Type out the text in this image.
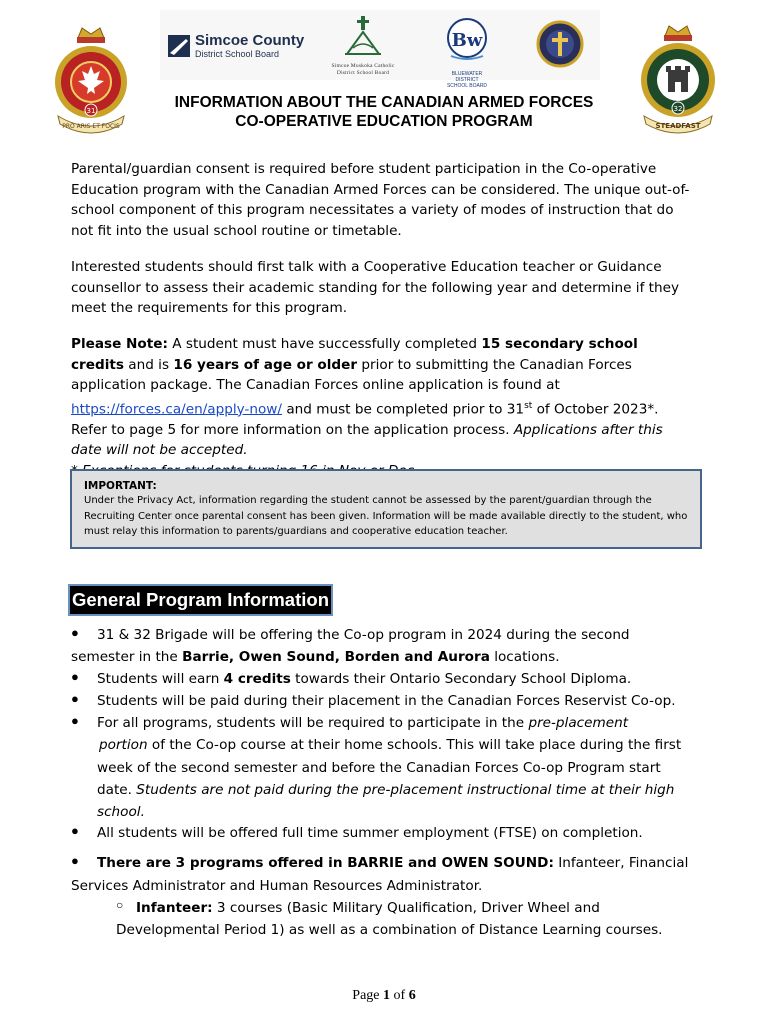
31
PRO ARIS ET FOCIS
Simcoe County
District School Board
Simcoe Muskoka Catholic
District School Board
Bw
BLUEWATER DISTRICT
SCHOOL BOARD
32
STEADFAST
INFORMATION ABOUT THE CANADIAN ARMED FORCES
CO-OPERATIVE EDUCATION PROGRAM
Parental/guardian consent is required before student participation in the Co-operative Education program with the Canadian Armed Forces can be considered. The unique out-of-school component of this program necessitates a variety of modes of instruction that do not fit into the usual school routine or timetable.
Interested students should first talk with a Cooperative Education teacher or Guidance counsellor to assess their academic standing for the following year and determine if they meet the requirements for this program.
Please Note: A student must have successfully completed 15 secondary school credits and is 16 years of age or older prior to submitting the Canadian Forces application package. The Canadian Forces online application is found at https://forces.ca/en/apply-now/ and must be completed prior to 31st of October 2023*. Refer to page 5 for more information on the application process. Applications after this date will not be accepted.

IMPORTANT:
Under the Privacy Act, information regarding the student cannot be assessed by the parent/guardian through the Recruiting Center once parental consent has been given. Information will be made available directly to the student, who must relay this information to parents/guardians and cooperative education teacher.
General Program Information
● 31 & 32 Brigade will be offering the Co-op program in 2024 during the second
semester in the Barrie, Owen Sound, Borden and Aurora locations.
● Students will earn 4 credits towards their Ontario Secondary School Diploma.
● Students will be paid during their placement in the Canadian Forces Reservist Co-op.
● For all programs, students will be required to participate in the pre-placement
portion of the Co-op course at their home schools. This will take place during the first week of the second semester and before the Canadian Forces Co-op Program start date. Students are not paid during the pre-placement instructional time at their high school.
● All students will be offered full time summer employment (FTSE) on completion.
● There are 3 programs offered in BARRIE and OWEN SOUND: Infanteer, Financial
Services Administrator and Human Resources Administrator.
○ Infanteer: 3 courses (Basic Military Qualification, Driver Wheel and
Developmental Period 1) as well as a combination of Distance Learning courses.
Page 1 of 6
